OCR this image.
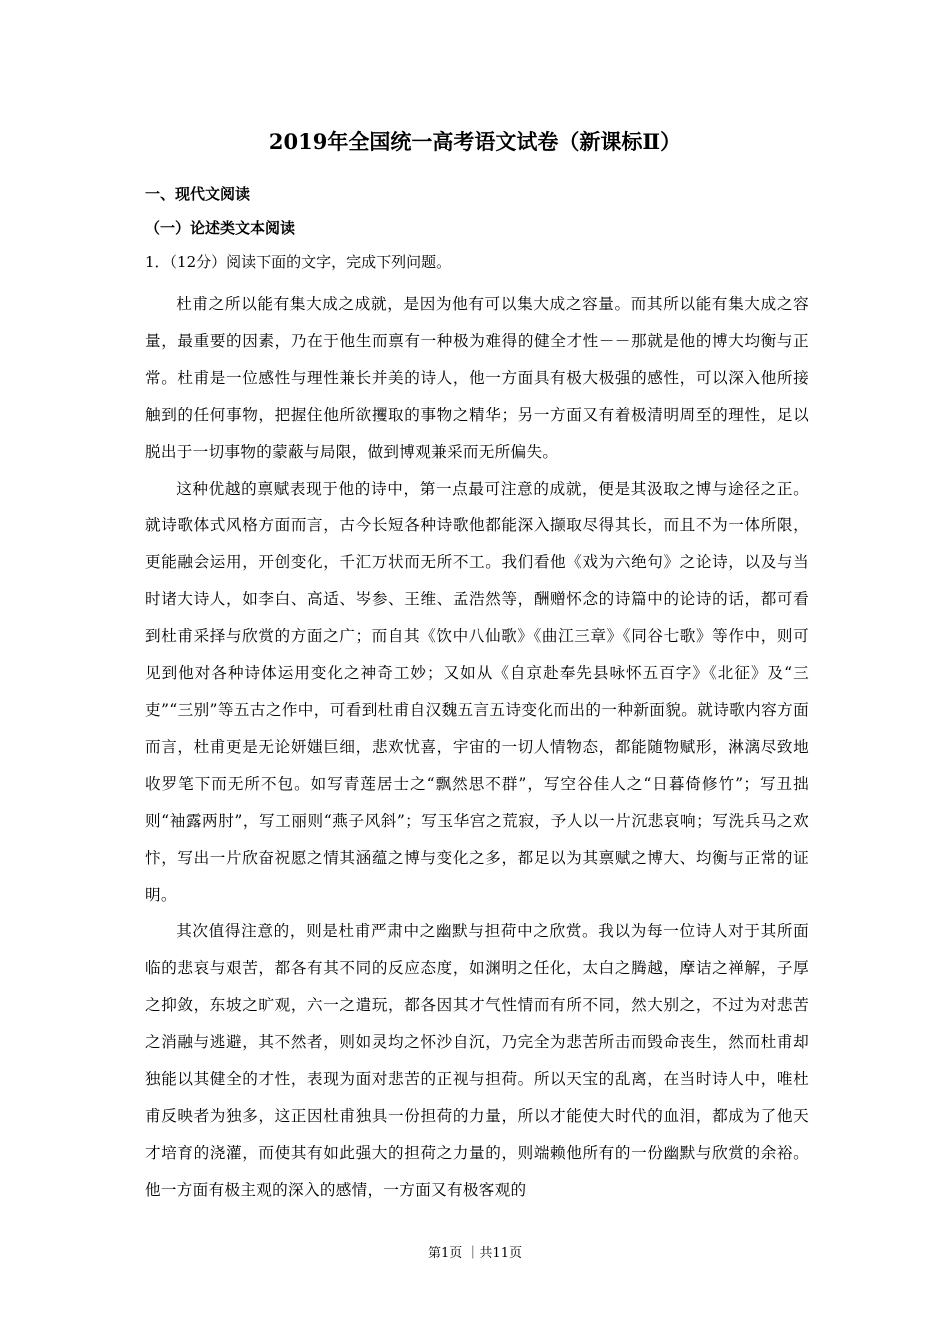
2019年全国统一高考语文试卷（新课标Ⅱ）
一、现代文阅读
（一）论述类文本阅读
1．（12分）阅读下面的文字，完成下列问题。

杜甫之所以能有集大成之成就，是因为他有可以集大成之容量。而其所以能有集大成之容量，最重要的因素，乃在于他生而禀有一种极为难得的健全才性－－那就是他的博大均衡与正常。杜甫是一位感性与理性兼长并美的诗人，他一方面具有极大极强的感性，可以深入他所接触到的任何事物，把握住他所欲攫取的事物之精华；另一方面又有着极清明周至的理性，足以脱出于一切事物的蒙蔽与局限，做到博观兼采而无所偏失。

这种优越的禀赋表现于他的诗中，第一点最可注意的成就，便是其汲取之博与途径之正。就诗歌体式风格方面而言，古今长短各种诗歌他都能深入撷取尽得其长，而且不为一体所限，更能融会运用，开创变化，千汇万状而无所不工。我们看他《戏为六绝句》之论诗，以及与当时诸大诗人，如李白、高适、岑参、王维、孟浩然等，酬赠怀念的诗篇中的论诗的话，都可看到杜甫采择与欣赏的方面之广；而自其《饮中八仙歌》《曲江三章》《同谷七歌》等作中，则可见到他对各种诗体运用变化之神奇工妙；又如从《自京赴奉先县咏怀五百字》《北征》及“三吏”“三别”等五古之作中，可看到杜甫自汉魏五言五诗变化而出的一种新面貌。就诗歌内容方面而言，杜甫更是无论妍媸巨细，悲欢忧喜，宇宙的一切人情物态，都能随物赋形，淋漓尽致地收罗笔下而无所不包。如写青莲居士之“飘然思不群”，写空谷佳人之“日暮倚修竹”；写丑拙则“袖露两肘”，写工丽则“燕子风斜”；写玉华宫之荒寂，予人以一片沉悲哀响；写洗兵马之欢忭，写出一片欣奋祝愿之情其涵蕴之博与变化之多，都足以为其禀赋之博大、均衡与正常的证明。

其次值得注意的，则是杜甫严肃中之幽默与担荷中之欣赏。我以为每一位诗人对于其所面临的悲哀与艰苦，都各有其不同的反应态度，如渊明之任化，太白之腾越，摩诘之禅解，子厚之抑敛，东坡之旷观，六一之遣玩，都各因其才气性情而有所不同，然大别之，不过为对悲苦之消融与逃避，其不然者，则如灵均之怀沙自沉，乃完全为悲苦所击而毁命丧生，然而杜甫却独能以其健全的才性，表现为面对悲苦的正视与担荷。所以天宝的乱离，在当时诗人中，唯杜甫反映者为独多，这正因杜甫独具一份担荷的力量，所以才能使大时代的血泪，都成为了他天才培育的浇灌，而使其有如此强大的担荷之力量的，则端赖他所有的一份幽默与欣赏的余裕。他一方面有极主观的深入的感情，一方面又有极客观的

第1页 ｜共11页
